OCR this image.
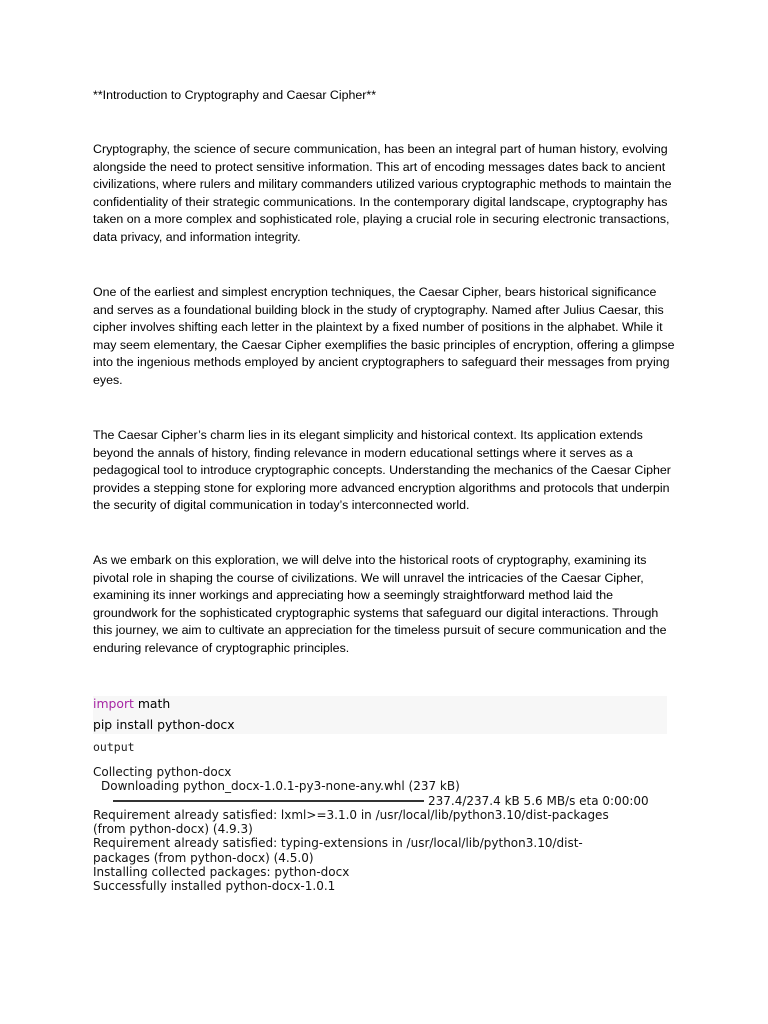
**Introduction to Cryptography and Caesar Cipher**

Cryptography, the science of secure communication, has been an integral part of human history, evolving alongside the need to protect sensitive information. This art of encoding messages dates back to ancient civilizations, where rulers and military commanders utilized various cryptographic methods to maintain the confidentiality of their strategic communications. In the contemporary digital landscape, cryptography has taken on a more complex and sophisticated role, playing a crucial role in securing electronic transactions, data privacy, and information integrity.

One of the earliest and simplest encryption techniques, the Caesar Cipher, bears historical significance and serves as a foundational building block in the study of cryptography. Named after Julius Caesar, this cipher involves shifting each letter in the plaintext by a fixed number of positions in the alphabet. While it may seem elementary, the Caesar Cipher exemplifies the basic principles of encryption, offering a glimpse into the ingenious methods employed by ancient cryptographers to safeguard their messages from prying eyes.

The Caesar Cipher’s charm lies in its elegant simplicity and historical context. Its application extends beyond the annals of history, finding relevance in modern educational settings where it serves as a pedagogical tool to introduce cryptographic concepts. Understanding the mechanics of the Caesar Cipher provides a stepping stone for exploring more advanced encryption algorithms and protocols that underpin the security of digital communication in today’s interconnected world.

As we embark on this exploration, we will delve into the historical roots of cryptography, examining its pivotal role in shaping the course of civilizations. We will unravel the intricacies of the Caesar Cipher, examining its inner workings and appreciating how a seemingly straightforward method laid the groundwork for the sophisticated cryptographic systems that safeguard our digital interactions. Through this journey, we aim to cultivate an appreciation for the timeless pursuit of secure communication and the enduring relevance of cryptographic principles.

import math
pip install python-docx
output
Collecting python-docx
Downloading python_docx-1.0.1-py3-none-any.whl (237 kB)
237.4/237.4 kB 5.6 MB/s eta 0:00:00
Requirement already satisfied: lxml>=3.1.0 in /usr/local/lib/python3.10/dist-packages
(from python-docx) (4.9.3)
Requirement already satisfied: typing-extensions in /usr/local/lib/python3.10/dist-
packages (from python-docx) (4.5.0)
Installing collected packages: python-docx
Successfully installed python-docx-1.0.1
